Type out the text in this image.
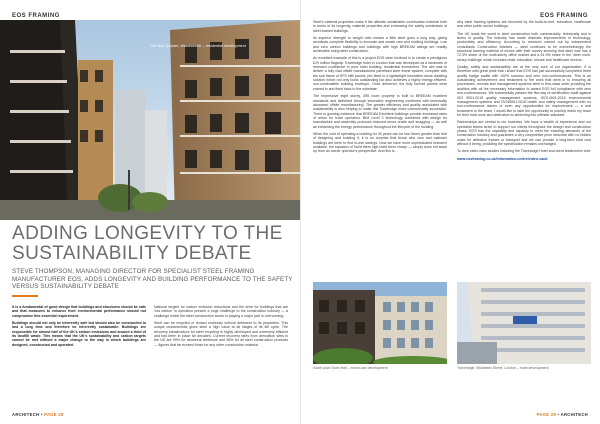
EOS FRAMING
The Hutt Quarter, Wandsworth – residential development
ADDING LONGEVITY TO THE SUSTAINABILITY DEBATE
STEVE THOMPSON, MANAGING DIRECTOR FOR SPECIALIST STEEL FRAMING MANUFACTURER EOS, ADDS LONGEVITY AND BUILDING PERFORMANCE TO THE SAFETY VERSUS SUSTAINABILITY DEBATE

It is a fundamental of good design that buildings and structures should be safe and that measures to enhance their environmental performance should not compromise this essential requirement.

Buildings should not only be inherently safe but should also be constructed to last a long time and therefore be inherently sustainable. Buildings are responsible for almost half of the UK's carbon emissions and around a third of its landfill waste. This means that the UK's sustainability and carbon targets cannot be met without a major change to the way in which buildings are designed, constructed and operated.

National targets for carbon emission reductions and the drive for buildings that are 'low carbon' in operation present a huge challenge to the construction industry — a challenge which the steel construction sector is playing a major part in overcoming.

Steel can be recycled or reused endlessly without detriment to its properties. This unique characteristic gives steel a high value at all stages of its life cycle. The recovery infrastructure for steel recycling is highly developed and extremely efficient and has been in place for decades. Current recovery rates from demolition sites in the UK are 99% for structural steelwork and 96% for all steel construction products — figures that far exceed those for any other construction material.

ARCHITECH • PAGE 28
EOS FRAMING

Steel's material properties make it the ultimate sustainable construction material both in terms of its longevity, material properties and enhancing the safety credentials of steel-framed buildings.

Its superior strength to weight ratio means a little steel goes a long way, giving architects complete flexibility to innovate and create new and exciting buildings. Low and zero carbon buildings and buildings with high BREEAM ratings are readily achievable using steel construction.

An excellent example of this is a project EOS were involved in to create a prestigious £29 million flagship Travelodge hotel in London that was developed as a landmark of renewed confidence in pure hotel building, residential investment. The aim was to deliver a fully clad offsite manufactured panelised steel frame system, complete with the sub frame of SFS infill panels, pre-fixed to a lightweight innovative stone cladding solution which not only looks outstanding but also achieves a highly energy-efficient, non-combustible building envelope. Once delivered, the fully formed panels were craned in and fixed back to the substrate.

The impressive eight storey, 395 room property is built to BREEAM excellent standards and delivered through innovative engineering combined with technically advanced offsite manufacturing. The greater efficiency and quality associated with sustainability is also helping to make this Travelodge more commercially successful. There is growing evidence that BREEAM Excellent buildings provide increased rates of return for hotel operators. BIM Level 2 technology combined with design for manufacture and assembly protocols reduced errors onsite and snagging — as well as enhancing the energy performance throughout the lifecycle of the building.

When the cost of operating a building for 30 years can be four times greater than that of designing and building it, it is no surprise that those who own and maintain buildings are keen to find in-use savings. Now we have more sophisticated research available, the equation of 'build them high build them cheap' — simply does not stack up from an owner operator's perspective. And this is

why steel framing systems are favoured by the build-to-rent, education, healthcare and other public sector buildings.

The UK leads the world in steel construction both commercially, technically and in terms of quality. The industry has made dramatic improvements in technology, productivity and efficiency. According to research carried out by independent consultants Construction Markets — steel continues to be overwhelmingly the structural framing material of choice with their survey showing that steel now has a 72.3% share of the multi-storey office market and a 61.9% share in the 'other multi-storey buildings' which includes retail, education, leisure and healthcare sectors.

Quality, safety and sustainability are at the very core of our organisation. It is therefore with great pride that I share that EOS has just successfully completed three quality badge audits with 100% success and zero non-conformances. This is an outstanding achievement and testament to the work that went in to ensuring all procedures, records and management systems were in first-class order providing the auditors with all the necessary information to award EOS full compliance with zero non-conformances. We successfully passed the five-day re-certification audit against ISO 9001:2015 quality management systems, ISO14001:2015 environmental management systems and ISO45001:2018 health and safety management with no non-conformance issues or even any opportunities for improvement — a real testament to the team. I would like to take the opportunity to publicly thank my team for their hard work and dedication to achieving this ultimate standard.

Partnerships are central to our business. We have a wealth of experience and our specialist teams strive to support our clients throughout the design and construction phase. EOS has the capability and capacity to meet the exacting demands of the construction industry and guarantee a very competitive price structure with no hidden costs for defective frames or transport and we can provide a long-term total cost without it being, providing the specification remains unchanged.

To view video case studies including the Travelodge Hotel and client testimonies visit:

www.eosframing.co.uk/information-centre/video-vault

South plain Town Hall – mixed-use development	Travelodge, Middlesex Street, London – hotel development
PAGE 29 • ARCHITECH
